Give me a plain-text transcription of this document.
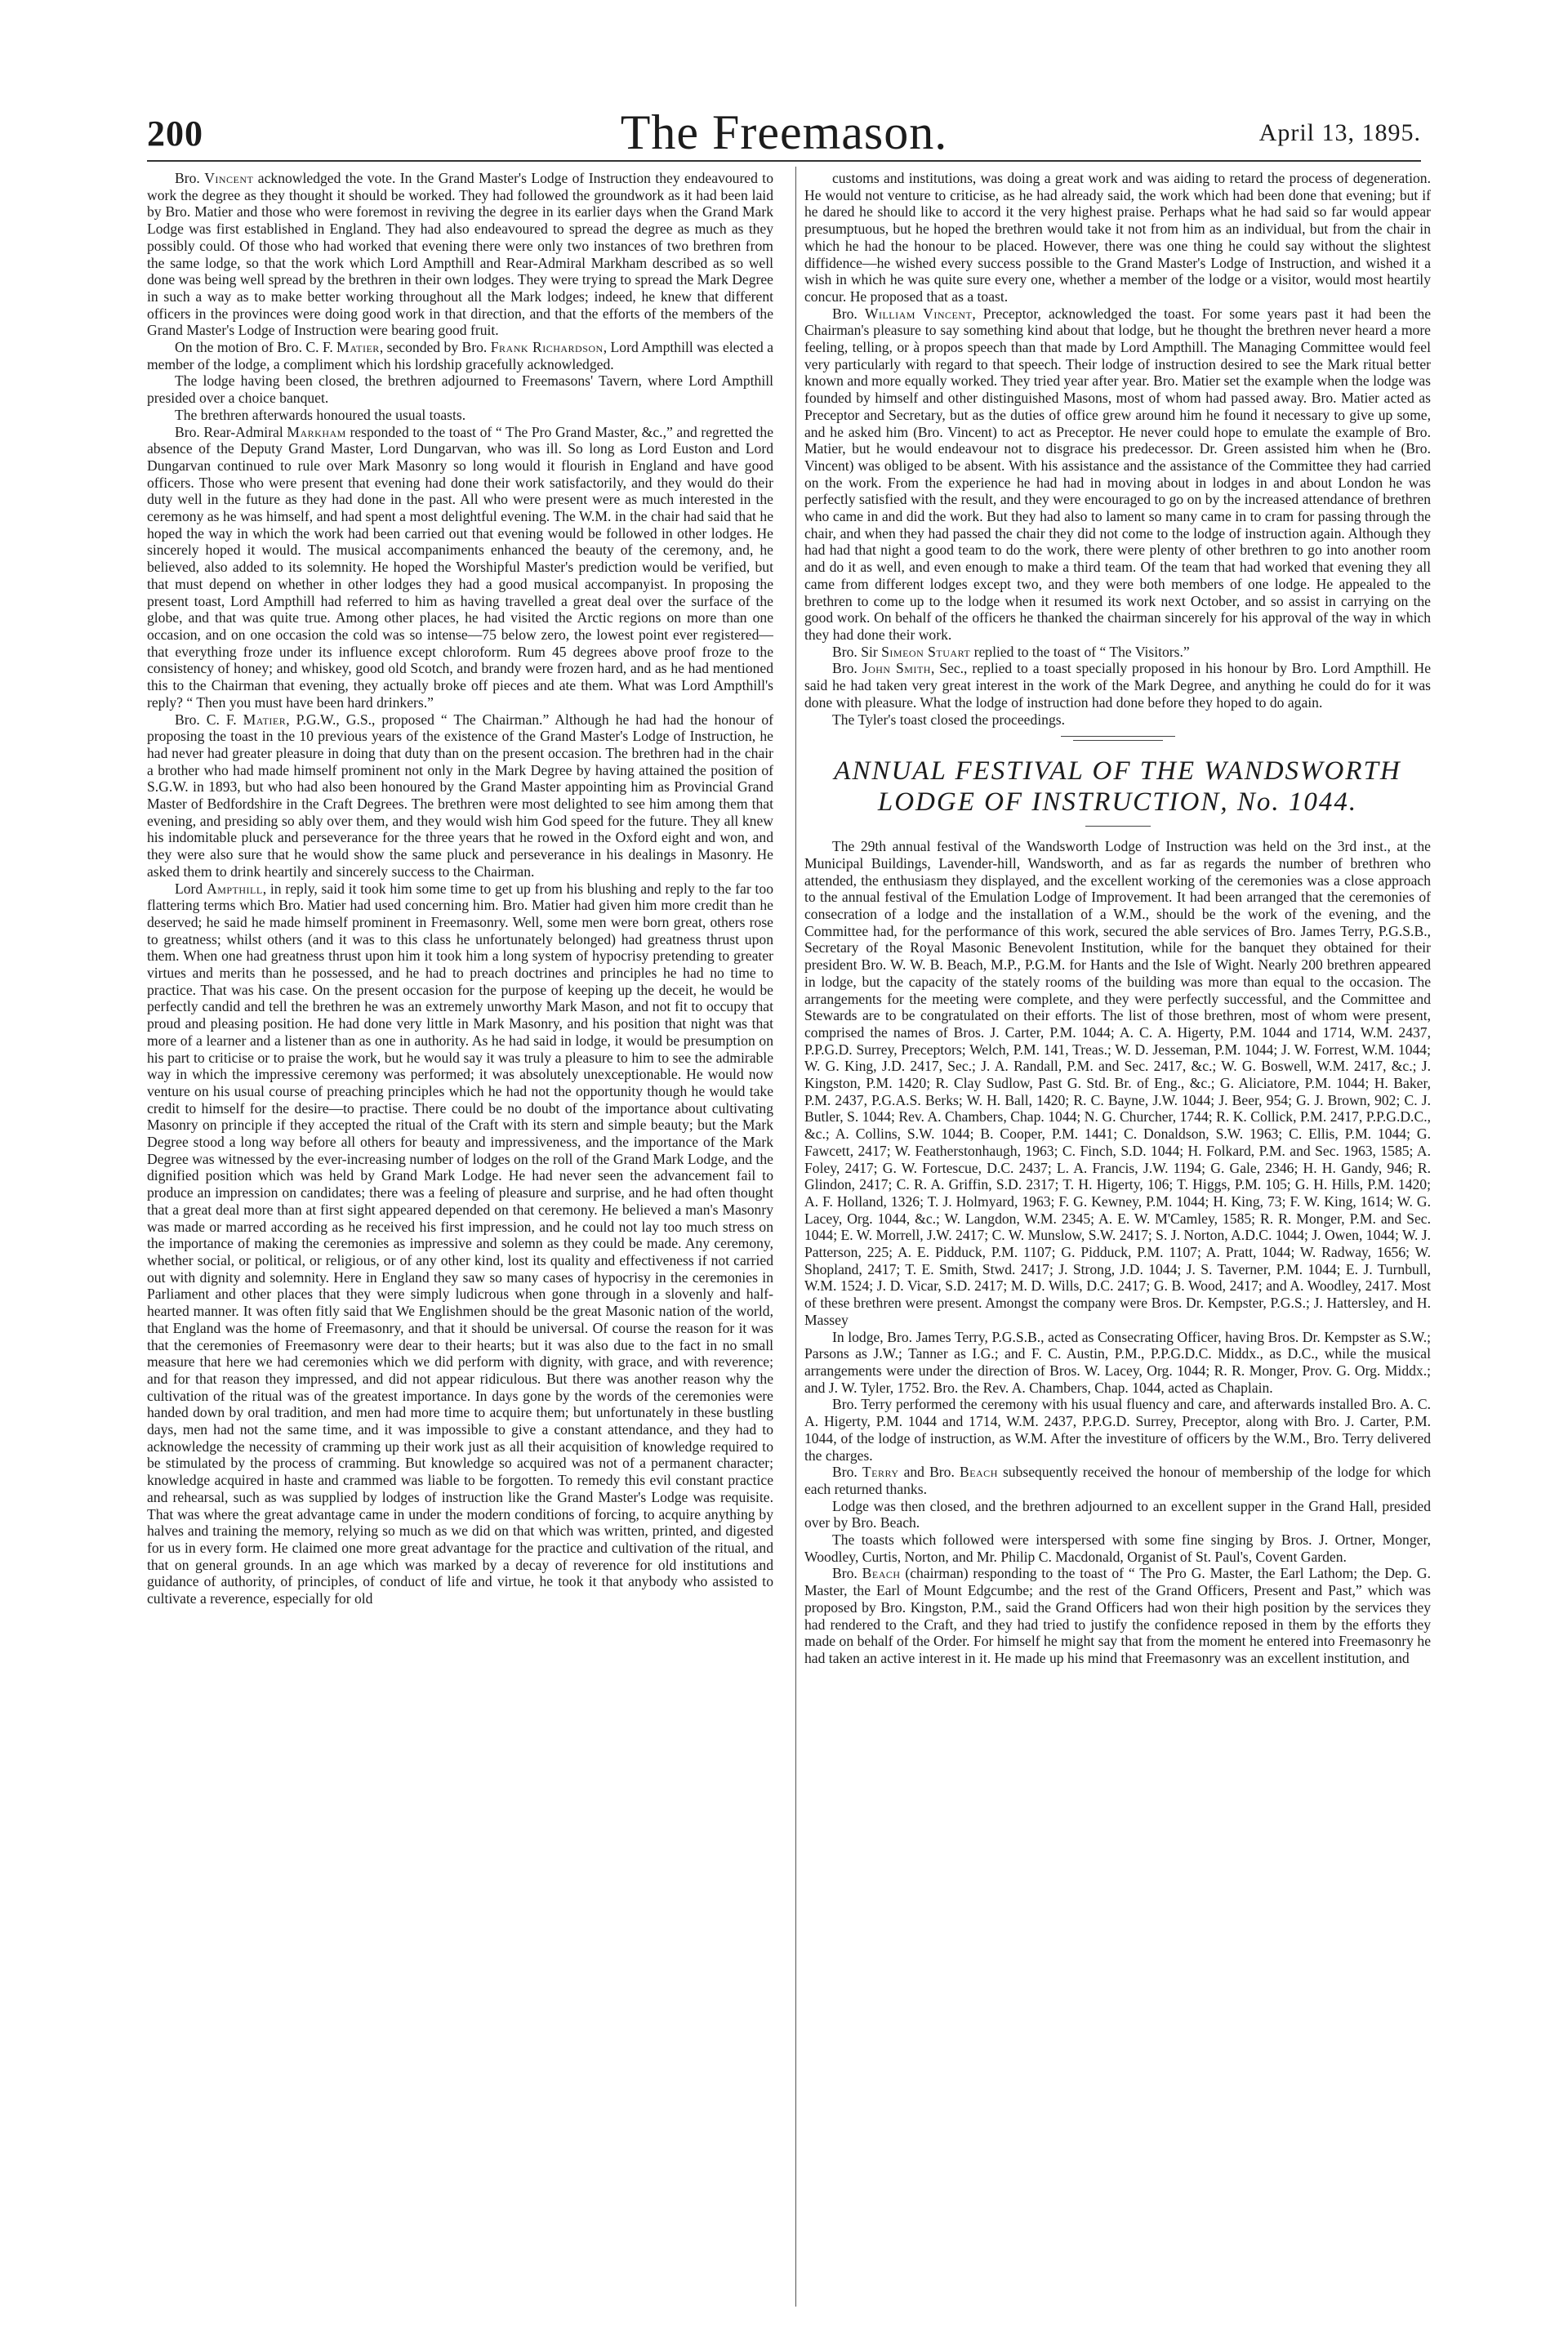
200	The Freemason.	April 13, 1895.

Bro. Vincent acknowledged the vote. In the Grand Master's Lodge of Instruction they endeavoured to work the degree as they thought it should be worked. They had followed the groundwork as it had been laid by Bro. Matier and those who were foremost in reviving the degree in its earlier days when the Grand Mark Lodge was first established in England. They had also endeavoured to spread the degree as much as they possibly could. Of those who had worked that evening there were only two instances of two brethren from the same lodge, so that the work which Lord Ampthill and Rear-Admiral Markham described as so well done was being well spread by the brethren in their own lodges. They were trying to spread the Mark Degree in such a way as to make better working throughout all the Mark lodges; indeed, he knew that different officers in the provinces were doing good work in that direction, and that the efforts of the members of the Grand Master's Lodge of Instruction were bearing good fruit.

On the motion of Bro. C. F. Matier, seconded by Bro. Frank Richardson, Lord Ampthill was elected a member of the lodge, a compliment which his lordship gracefully acknowledged.

The lodge having been closed, the brethren adjourned to Freemasons' Tavern, where Lord Ampthill presided over a choice banquet.

The brethren afterwards honoured the usual toasts.

Bro. Rear-Admiral Markham responded to the toast of “ The Pro Grand Master, &c.,” and regretted the absence of the Deputy Grand Master, Lord Dungarvan, who was ill. So long as Lord Euston and Lord Dungarvan continued to rule over Mark Masonry so long would it flourish in England and have good officers. Those who were present that evening had done their work satisfactorily, and they would do their duty well in the future as they had done in the past. All who were present were as much interested in the ceremony as he was himself, and had spent a most delightful evening. The W.M. in the chair had said that he hoped the way in which the work had been carried out that evening would be followed in other lodges. He sincerely hoped it would. The musical accompaniments enhanced the beauty of the ceremony, and, he believed, also added to its solemnity. He hoped the Worshipful Master's prediction would be verified, but that must depend on whether in other lodges they had a good musical accompanyist. In proposing the present toast, Lord Ampthill had referred to him as having travelled a great deal over the surface of the globe, and that was quite true. Among other places, he had visited the Arctic regions on more than one occasion, and on one occasion the cold was so intense—75 below zero, the lowest point ever registered—that everything froze under its influence except chloroform. Rum 45 degrees above proof froze to the consistency of honey; and whiskey, good old Scotch, and brandy were frozen hard, and as he had mentioned this to the Chairman that evening, they actually broke off pieces and ate them. What was Lord Ampthill's reply? “ Then you must have been hard drinkers.”

Bro. C. F. Matier, P.G.W., G.S., proposed “ The Chairman.” Although he had had the honour of proposing the toast in the 10 previous years of the existence of the Grand Master's Lodge of Instruction, he had never had greater pleasure in doing that duty than on the present occasion. The brethren had in the chair a brother who had made himself prominent not only in the Mark Degree by having attained the position of S.G.W. in 1893, but who had also been honoured by the Grand Master appointing him as Provincial Grand Master of Bedfordshire in the Craft Degrees. The brethren were most delighted to see him among them that evening, and presiding so ably over them, and they would wish him God speed for the future. They all knew his indomitable pluck and perseverance for the three years that he rowed in the Oxford eight and won, and they were also sure that he would show the same pluck and perseverance in his dealings in Masonry. He asked them to drink heartily and sincerely success to the Chairman.

Lord Ampthill, in reply, said it took him some time to get up from his blushing and reply to the far too flattering terms which Bro. Matier had used concerning him. Bro. Matier had given him more credit than he deserved; he said he made himself prominent in Freemasonry. Well, some men were born great, others rose to greatness; whilst others (and it was to this class he unfortunately belonged) had greatness thrust upon them. When one had greatness thrust upon him it took him a long system of hypocrisy pretending to greater virtues and merits than he possessed, and he had to preach doctrines and principles he had no time to practice. That was his case. On the present occasion for the purpose of keeping up the deceit, he would be perfectly candid and tell the brethren he was an extremely unworthy Mark Mason, and not fit to occupy that proud and pleasing position. He had done very little in Mark Masonry, and his position that night was that more of a learner and a listener than as one in authority. As he had said in lodge, it would be presumption on his part to criticise or to praise the work, but he would say it was truly a pleasure to him to see the admirable way in which the impressive ceremony was performed; it was absolutely unexceptionable. He would now venture on his usual course of preaching principles which he had not the opportunity though he would take credit to himself for the desire—to practise. There could be no doubt of the importance about cultivating Masonry on principle if they accepted the ritual of the Craft with its stern and simple beauty; but the Mark Degree stood a long way before all others for beauty and impressiveness, and the importance of the Mark Degree was witnessed by the ever-increasing number of lodges on the roll of the Grand Mark Lodge, and the dignified position which was held by Grand Mark Lodge. He had never seen the advancement fail to produce an impression on candidates; there was a feeling of pleasure and surprise, and he had often thought that a great deal more than at first sight appeared depended on that ceremony. He believed a man's Masonry was made or marred according as he received his first impression, and he could not lay too much stress on the importance of making the ceremonies as impressive and solemn as they could be made. Any ceremony, whether social, or political, or religious, or of any other kind, lost its quality and effectiveness if not carried out with dignity and solemnity. Here in England they saw so many cases of hypocrisy in the ceremonies in Parliament and other places that they were simply ludicrous when gone through in a slovenly and half-hearted manner. It was often fitly said that We Englishmen should be the great Masonic nation of the world, that England was the home of Freemasonry, and that it should be universal. Of course the reason for it was that the ceremonies of Freemasonry were dear to their hearts; but it was also due to the fact in no small measure that here we had ceremonies which we did perform with dignity, with grace, and with reverence; and for that reason they impressed, and did not appear ridiculous. But there was another reason why the cultivation of the ritual was of the greatest importance. In days gone by the words of the ceremonies were handed down by oral tradition, and men had more time to acquire them; but unfortunately in these bustling days, men had not the same time, and it was impossible to give a constant attendance, and they had to acknowledge the necessity of cramming up their work just as all their acquisition of knowledge required to be stimulated by the process of cramming. But knowledge so acquired was not of a permanent character; knowledge acquired in haste and crammed was liable to be forgotten. To remedy this evil constant practice and rehearsal, such as was supplied by lodges of instruction like the Grand Master's Lodge was requisite. That was where the great advantage came in under the modern conditions of forcing, to acquire anything by halves and training the memory, relying so much as we did on that which was written, printed, and digested for us in every form. He claimed one more great advantage for the practice and cultivation of the ritual, and that on general grounds. In an age which was marked by a decay of reverence for old institutions and guidance of authority, of principles, of conduct of life and virtue, he took it that anybody who assisted to cultivate a reverence, especially for old

customs and institutions, was doing a great work and was aiding to retard the process of degeneration. He would not venture to criticise, as he had already said, the work which had been done that evening; but if he dared he should like to accord it the very highest praise. Perhaps what he had said so far would appear presumptuous, but he hoped the brethren would take it not from him as an individual, but from the chair in which he had the honour to be placed. However, there was one thing he could say without the slightest diffidence—he wished every success possible to the Grand Master's Lodge of Instruction, and wished it a wish in which he was quite sure every one, whether a member of the lodge or a visitor, would most heartily concur. He proposed that as a toast.

Bro. William Vincent, Preceptor, acknowledged the toast. For some years past it had been the Chairman's pleasure to say something kind about that lodge, but he thought the brethren never heard a more feeling, telling, or à propos speech than that made by Lord Ampthill. The Managing Committee would feel very particularly with regard to that speech. Their lodge of instruction desired to see the Mark ritual better known and more equally worked. They tried year after year. Bro. Matier set the example when the lodge was founded by himself and other distinguished Masons, most of whom had passed away. Bro. Matier acted as Preceptor and Secretary, but as the duties of office grew around him he found it necessary to give up some, and he asked him (Bro. Vincent) to act as Preceptor. He never could hope to emulate the example of Bro. Matier, but he would endeavour not to disgrace his predecessor. Dr. Green assisted him when he (Bro. Vincent) was obliged to be absent. With his assistance and the assistance of the Committee they had carried on the work. From the experience he had had in moving about in lodges in and about London he was perfectly satisfied with the result, and they were encouraged to go on by the increased attendance of brethren who came in and did the work. But they had also to lament so many came in to cram for passing through the chair, and when they had passed the chair they did not come to the lodge of instruction again. Although they had had that night a good team to do the work, there were plenty of other brethren to go into another room and do it as well, and even enough to make a third team. Of the team that had worked that evening they all came from different lodges except two, and they were both members of one lodge. He appealed to the brethren to come up to the lodge when it resumed its work next October, and so assist in carrying on the good work. On behalf of the officers he thanked the chairman sincerely for his approval of the way in which they had done their work.

Bro. Sir Simeon Stuart replied to the toast of “ The Visitors.”

Bro. John Smith, Sec., replied to a toast specially proposed in his honour by Bro. Lord Ampthill. He said he had taken very great interest in the work of the Mark Degree, and anything he could do for it was done with pleasure. What the lodge of instruction had done before they hoped to do again.

The Tyler's toast closed the proceedings.

ANNUAL FESTIVAL OF THE WANDSWORTH LODGE OF INSTRUCTION, No. 1044.

The 29th annual festival of the Wandsworth Lodge of Instruction was held on the 3rd inst., at the Municipal Buildings, Lavender-hill, Wandsworth, and as far as regards the number of brethren who attended, the enthusiasm they displayed, and the excellent working of the ceremonies was a close approach to the annual festival of the Emulation Lodge of Improvement. It had been arranged that the ceremonies of consecration of a lodge and the installation of a W.M., should be the work of the evening, and the Committee had, for the performance of this work, secured the able services of Bro. James Terry, P.G.S.B., Secretary of the Royal Masonic Benevolent Institution, while for the banquet they obtained for their president Bro. W. W. B. Beach, M.P., P.G.M. for Hants and the Isle of Wight. Nearly 200 brethren appeared in lodge, but the capacity of the stately rooms of the building was more than equal to the occasion. The arrangements for the meeting were complete, and they were perfectly successful, and the Committee and Stewards are to be congratulated on their efforts. The list of those brethren, most of whom were present, comprised the names of Bros. J. Carter, P.M. 1044; A. C. A. Higerty, P.M. 1044 and 1714, W.M. 2437, P.P.G.D. Surrey, Preceptors; Welch, P.M. 141, Treas.; W. D. Jesseman, P.M. 1044; J. W. Forrest, W.M. 1044; W. G. King, J.D. 2417, Sec.; J. A. Randall, P.M. and Sec. 2417, &c.; W. G. Boswell, W.M. 2417, &c.; J. Kingston, P.M. 1420; R. Clay Sudlow, Past G. Std. Br. of Eng., &c.; G. Aliciatore, P.M. 1044; H. Baker, P.M. 2437, P.G.A.S. Berks; W. H. Ball, 1420; R. C. Bayne, J.W. 1044; J. Beer, 954; G. J. Brown, 902; C. J. Butler, S. 1044; Rev. A. Chambers, Chap. 1044; N. G. Churcher, 1744; R. K. Collick, P.M. 2417, P.P.G.D.C., &c.; A. Collins, S.W. 1044; B. Cooper, P.M. 1441; C. Donaldson, S.W. 1963; C. Ellis, P.M. 1044; G. Fawcett, 2417; W. Featherstonhaugh, 1963; C. Finch, S.D. 1044; H. Folkard, P.M. and Sec. 1963, 1585; A. Foley, 2417; G. W. Fortescue, D.C. 2437; L. A. Francis, J.W. 1194; G. Gale, 2346; H. H. Gandy, 946; R. Glindon, 2417; C. R. A. Griffin, S.D. 2317; T. H. Higerty, 106; T. Higgs, P.M. 105; G. H. Hills, P.M. 1420; A. F. Holland, 1326; T. J. Holmyard, 1963; F. G. Kewney, P.M. 1044; H. King, 73; F. W. King, 1614; W. G. Lacey, Org. 1044, &c.; W. Langdon, W.M. 2345; A. E. W. M'Camley, 1585; R. R. Monger, P.M. and Sec. 1044; E. W. Morrell, J.W. 2417; C. W. Munslow, S.W. 2417; S. J. Norton, A.D.C. 1044; J. Owen, 1044; W. J. Patterson, 225; A. E. Pidduck, P.M. 1107; G. Pidduck, P.M. 1107; A. Pratt, 1044; W. Radway, 1656; W. Shopland, 2417; T. E. Smith, Stwd. 2417; J. Strong, J.D. 1044; J. S. Taverner, P.M. 1044; E. J. Turnbull, W.M. 1524; J. D. Vicar, S.D. 2417; M. D. Wills, D.C. 2417; G. B. Wood, 2417; and A. Woodley, 2417. Most of these brethren were present. Amongst the company were Bros. Dr. Kempster, P.G.S.; J. Hattersley, and H. Massey

In lodge, Bro. James Terry, P.G.S.B., acted as Consecrating Officer, having Bros. Dr. Kempster as S.W.; Parsons as J.W.; Tanner as I.G.; and F. C. Austin, P.M., P.P.G.D.C. Middx., as D.C., while the musical arrangements were under the direction of Bros. W. Lacey, Org. 1044; R. R. Monger, Prov. G. Org. Middx.; and J. W. Tyler, 1752. Bro. the Rev. A. Chambers, Chap. 1044, acted as Chaplain.

Bro. Terry performed the ceremony with his usual fluency and care, and afterwards installed Bro. A. C. A. Higerty, P.M. 1044 and 1714, W.M. 2437, P.P.G.D. Surrey, Preceptor, along with Bro. J. Carter, P.M. 1044, of the lodge of instruction, as W.M. After the investiture of officers by the W.M., Bro. Terry delivered the charges.

Bro. Terry and Bro. Beach subsequently received the honour of membership of the lodge for which each returned thanks.

Lodge was then closed, and the brethren adjourned to an excellent supper in the Grand Hall, presided over by Bro. Beach.

The toasts which followed were interspersed with some fine singing by Bros. J. Ortner, Monger, Woodley, Curtis, Norton, and Mr. Philip C. Macdonald, Organist of St. Paul's, Covent Garden.

Bro. Beach (chairman) responding to the toast of “ The Pro G. Master, the Earl Lathom; the Dep. G. Master, the Earl of Mount Edgcumbe; and the rest of the Grand Officers, Present and Past,” which was proposed by Bro. Kingston, P.M., said the Grand Officers had won their high position by the services they had rendered to the Craft, and they had tried to justify the confidence reposed in them by the efforts they made on behalf of the Order. For himself he might say that from the moment he entered into Freemasonry he had taken an active interest in it. He made up his mind that Freemasonry was an excellent institution, and
